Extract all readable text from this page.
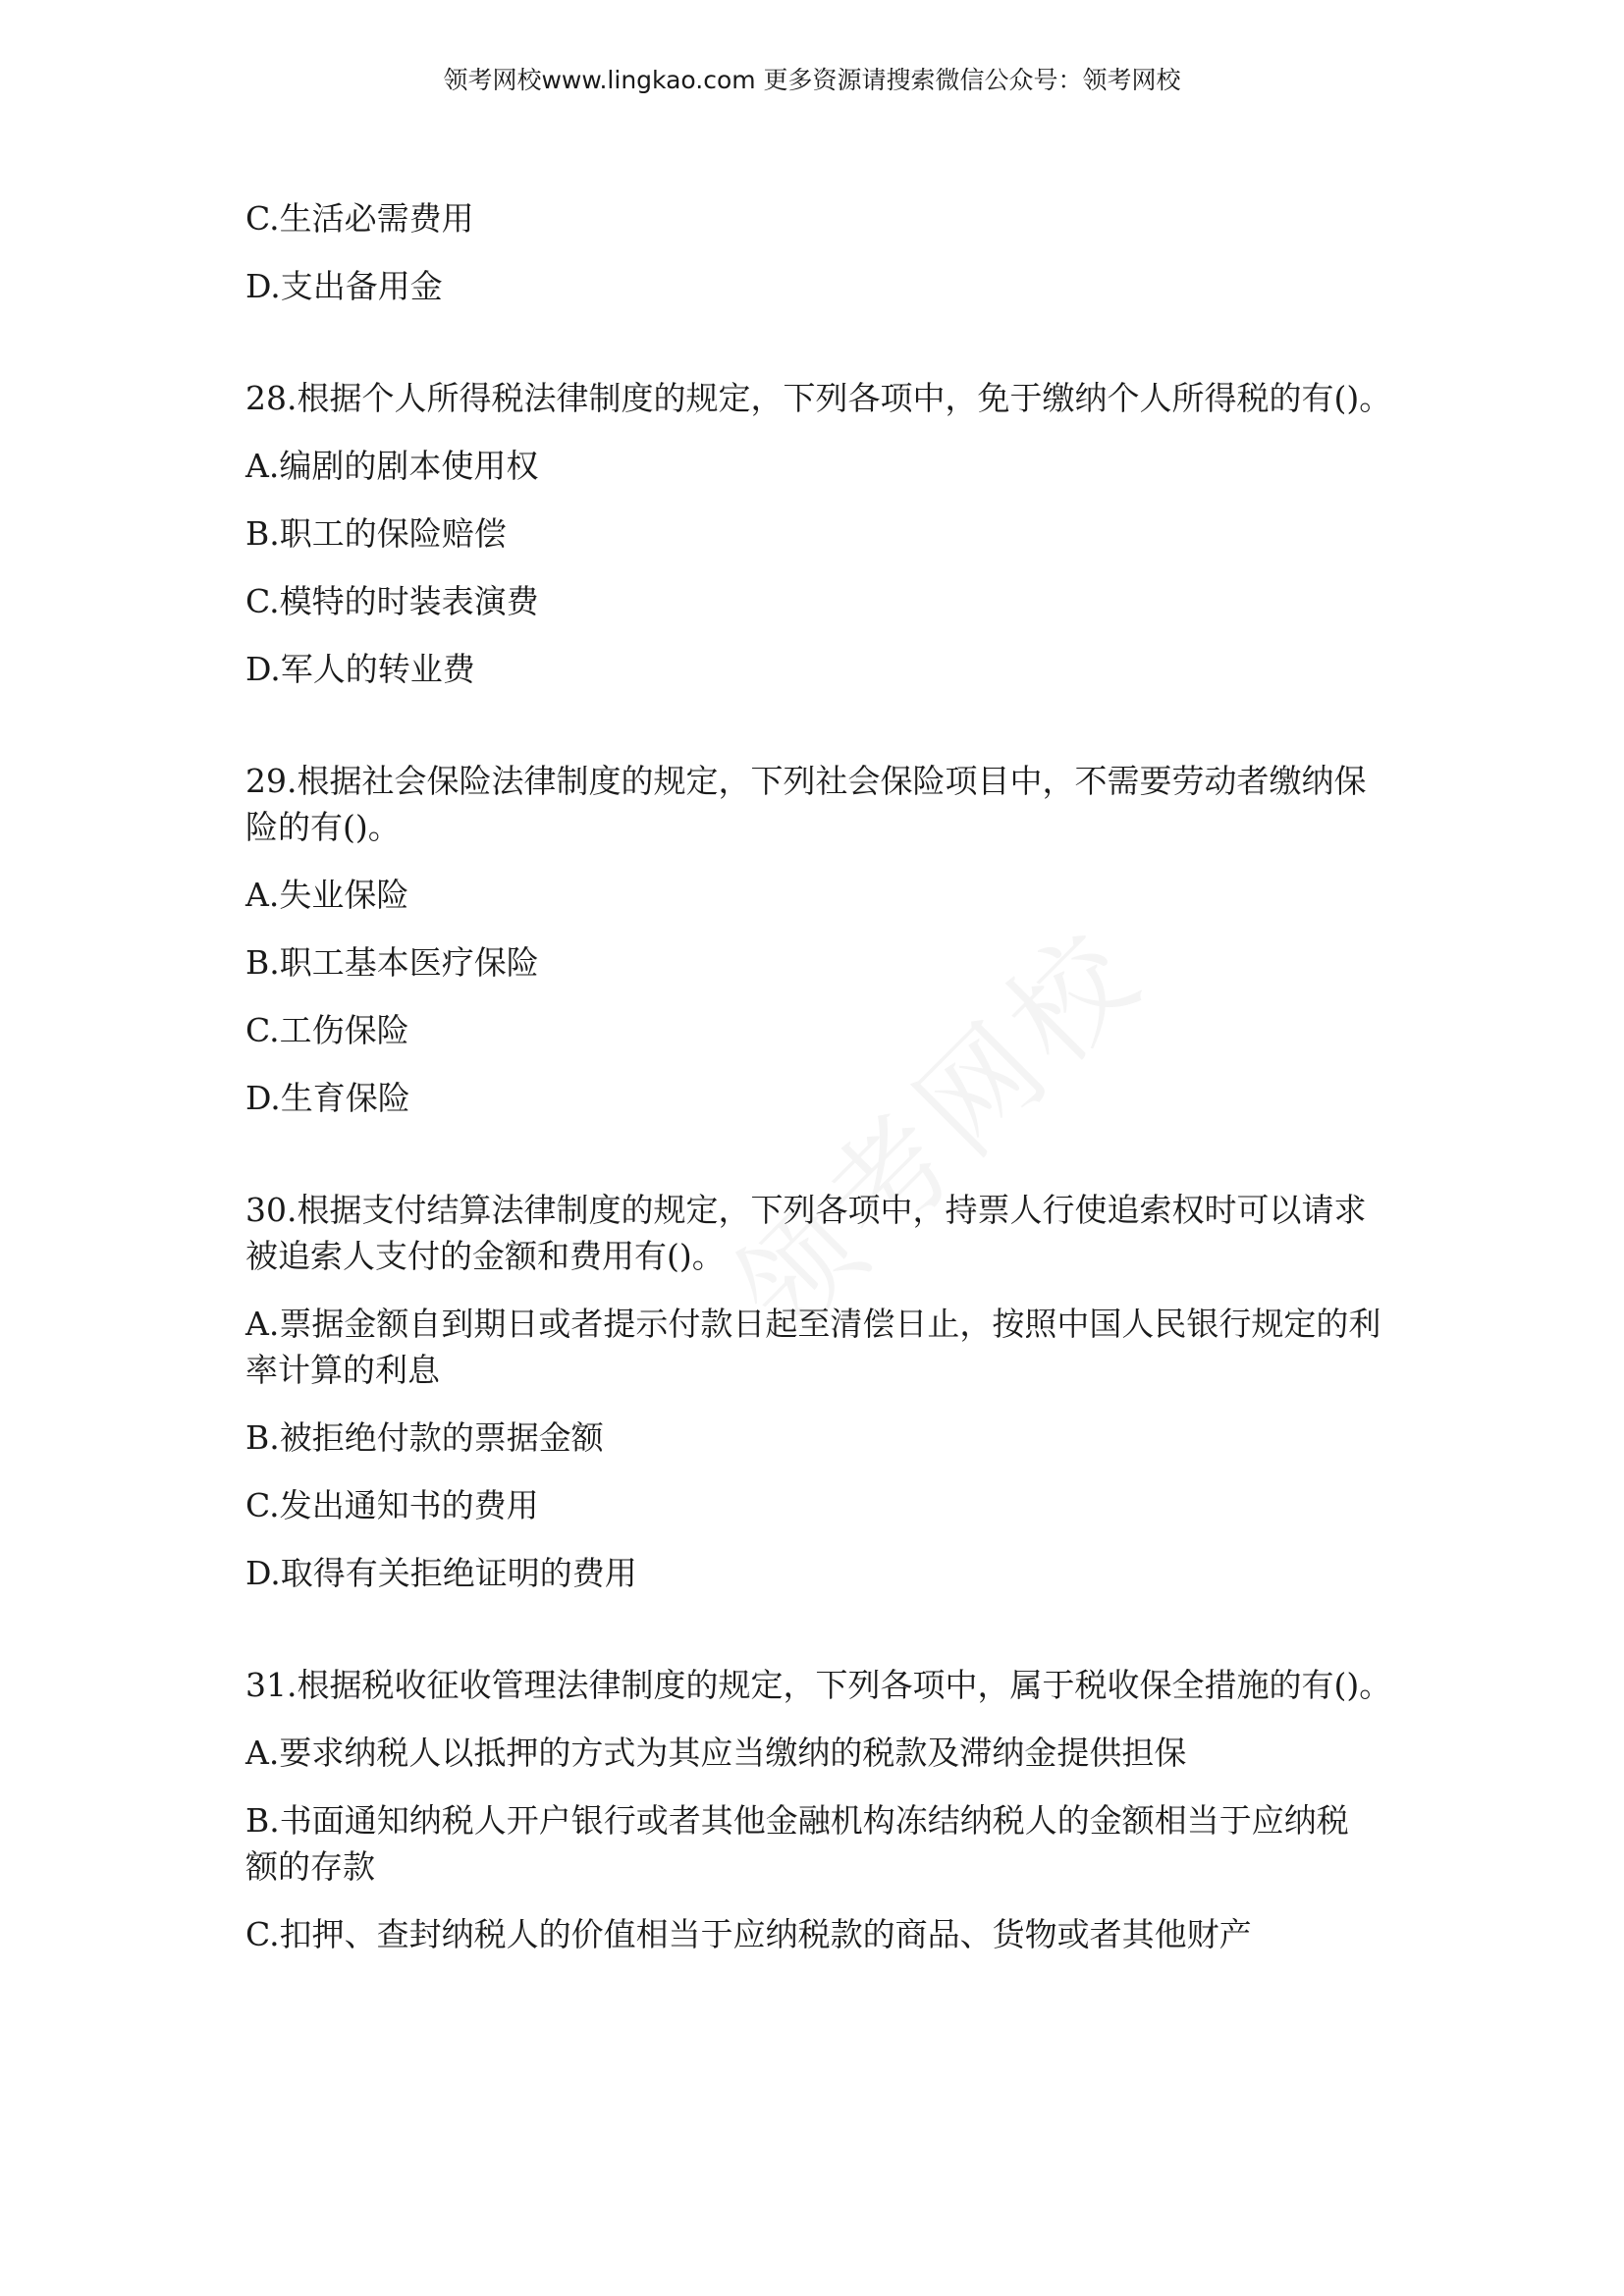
领考网校www.lingkao.com 更多资源请搜索微信公众号：领考网校

C.生活必需费用

D.支出备用金

28.根据个人所得税法律制度的规定，下列各项中，免于缴纳个人所得税的有()。

A.编剧的剧本使用权

B.职工的保险赔偿

C.模特的时装表演费

D.军人的转业费

29.根据社会保险法律制度的规定，下列社会保险项目中，不需要劳动者缴纳保

险的有()。

A.失业保险

B.职工基本医疗保险

C.工伤保险

D.生育保险

30.根据支付结算法律制度的规定，下列各项中，持票人行使追索权时可以请求

被追索人支付的金额和费用有()。

A.票据金额自到期日或者提示付款日起至清偿日止，按照中国人民银行规定的利

率计算的利息

B.被拒绝付款的票据金额

C.发出通知书的费用

D.取得有关拒绝证明的费用

31.根据税收征收管理法律制度的规定，下列各项中，属于税收保全措施的有()。

A.要求纳税人以抵押的方式为其应当缴纳的税款及滞纳金提供担保

B.书面通知纳税人开户银行或者其他金融机构冻结纳税人的金额相当于应纳税

额的存款

C.扣押、查封纳税人的价值相当于应纳税款的商品、货物或者其他财产
